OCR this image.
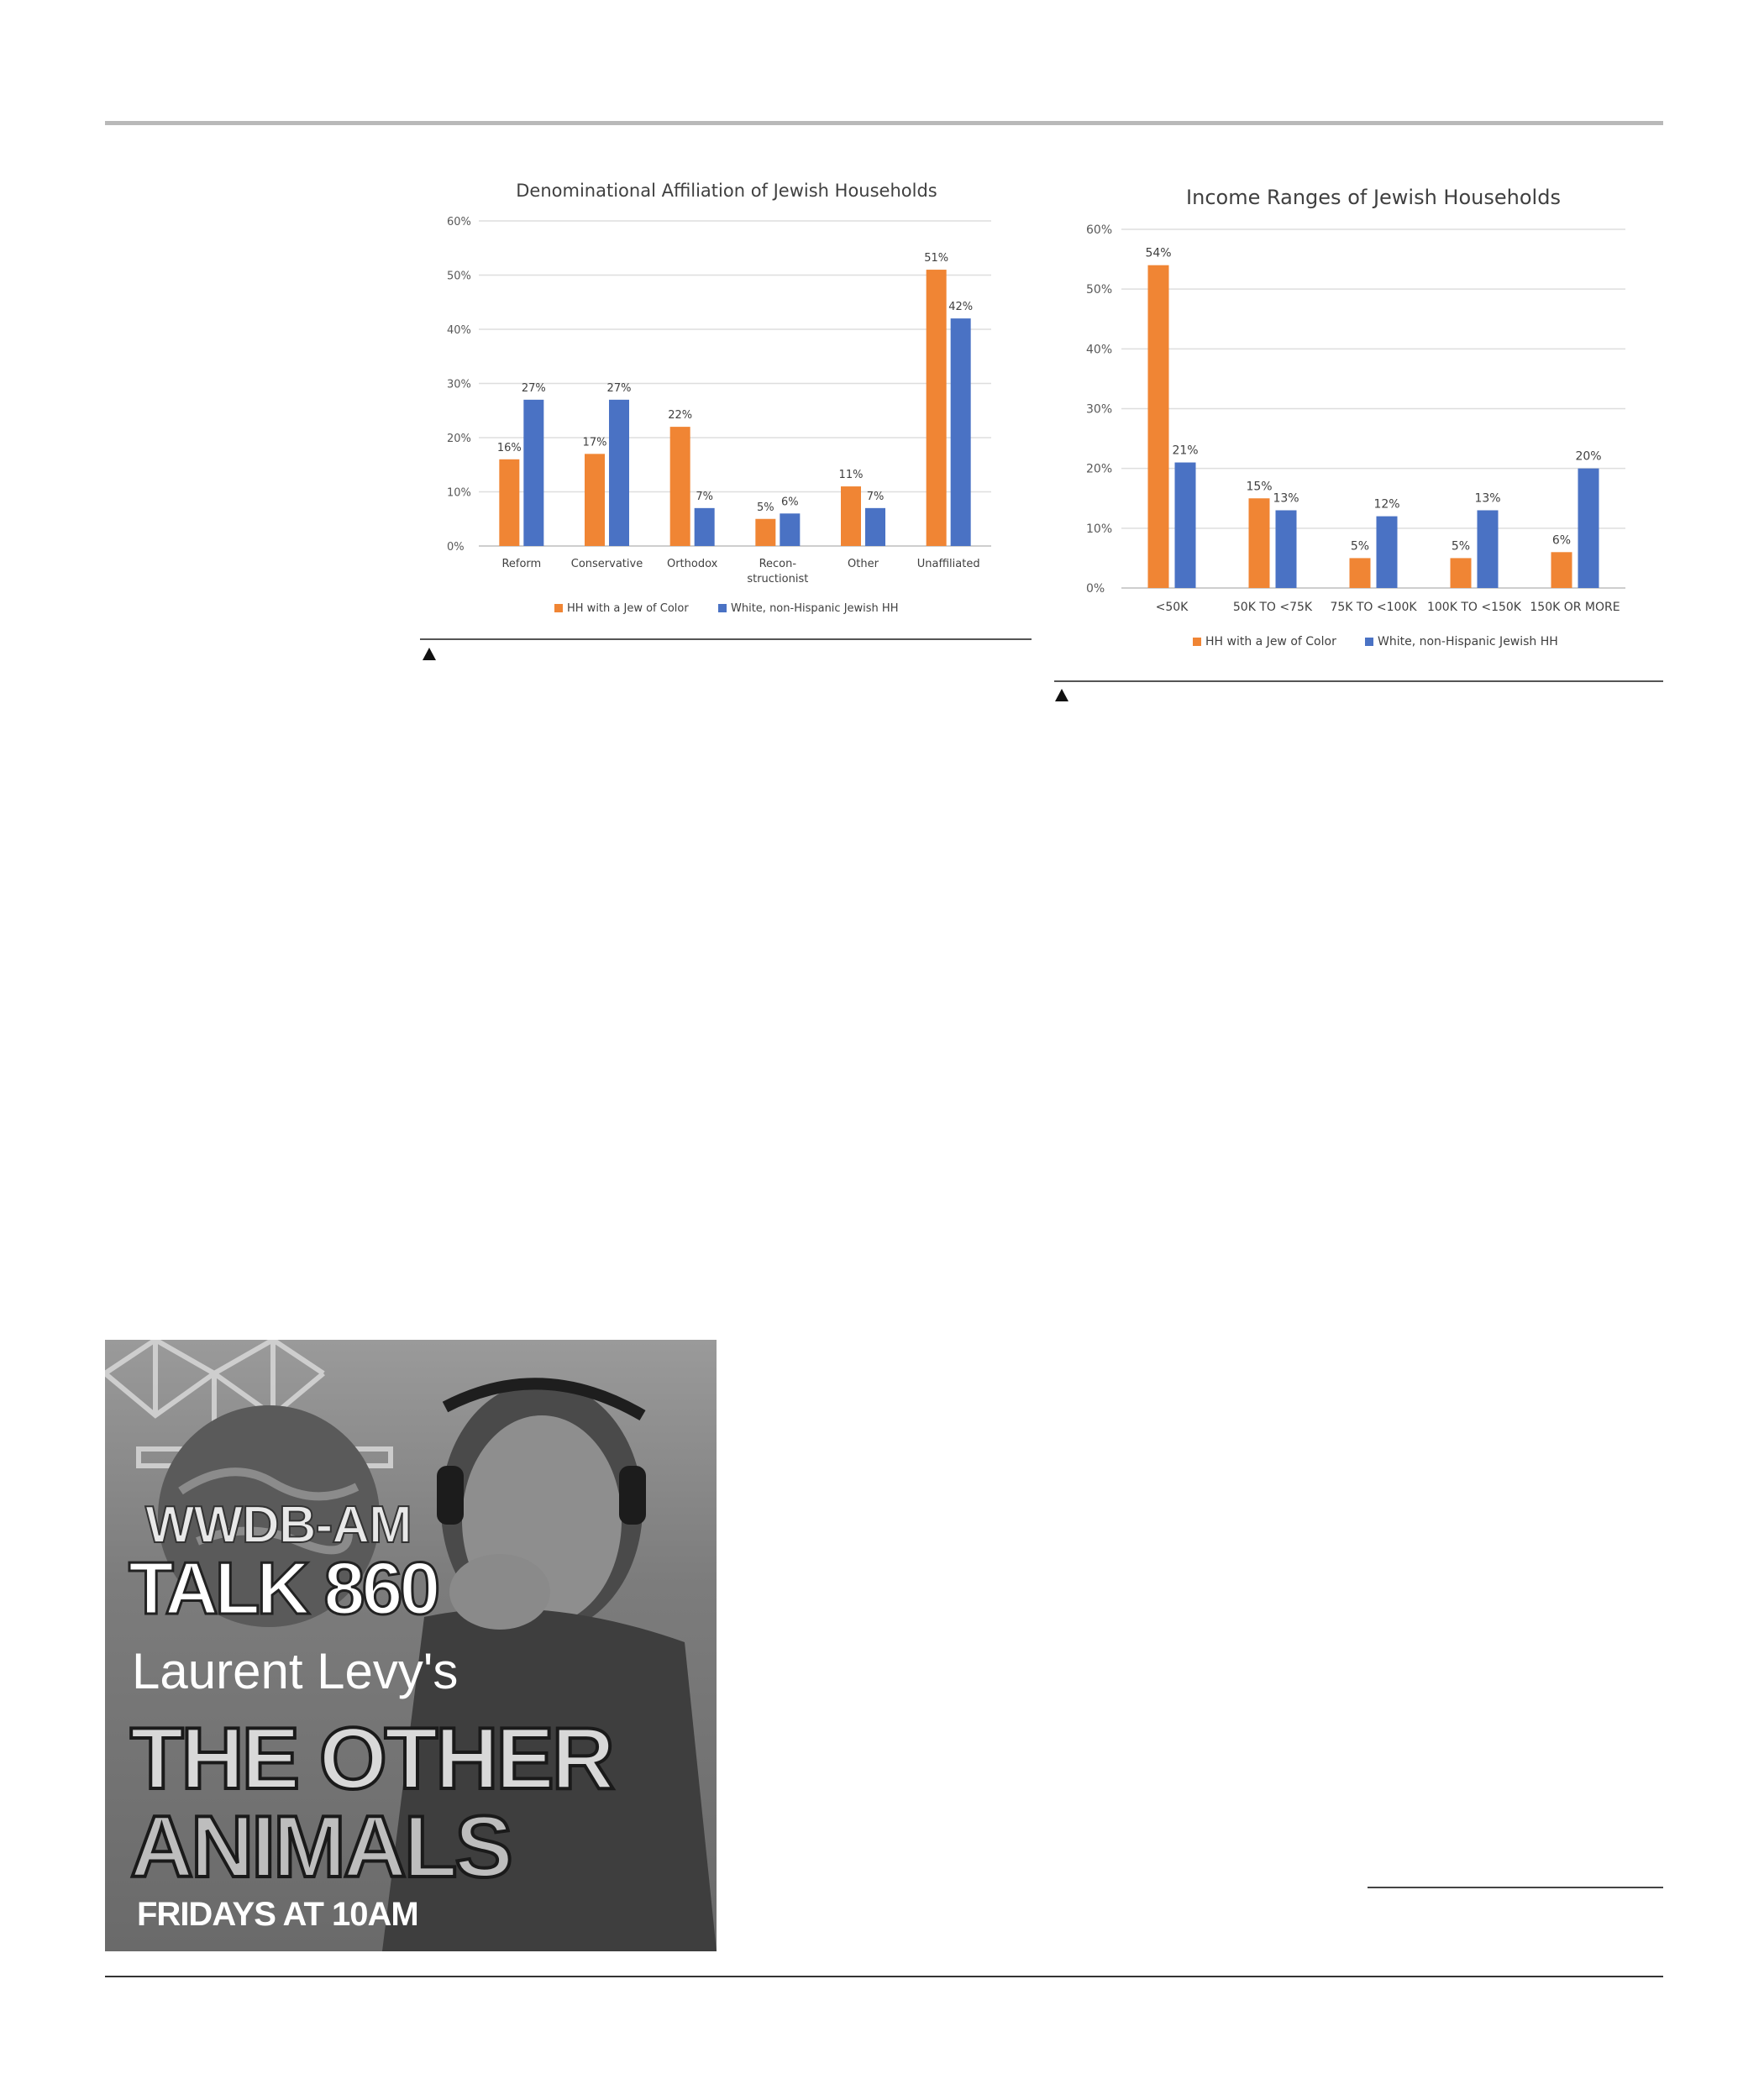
Denominational Affiliation of Jewish Households
0%
10%
20%
30%
40%
50%
60%
16%
27%
Reform
17%
27%
Conservative
22%
7%
Orthodox
5% 6%
Recon-
structionist
11%
7%
Other
51%
42%
Unaffiliated
HH with a Jew of Color	White, non-Hispanic Jewish HH
Income Ranges of Jewish Households
0%
10%
20%
30%
40%
50%
60%
54%
21%
<50K
15%
13%
50K TO <75K
5%
12%
75K TO <100K
5%
13%
100K TO <150K
6%
20%
150K OR MORE
HH with a Jew of Color	White, non-Hispanic Jewish HH
WWDB-AM
TALK 860
Laurent Levy's
THE OTHER
ANIMALS
FRIDAYS AT 10AM
